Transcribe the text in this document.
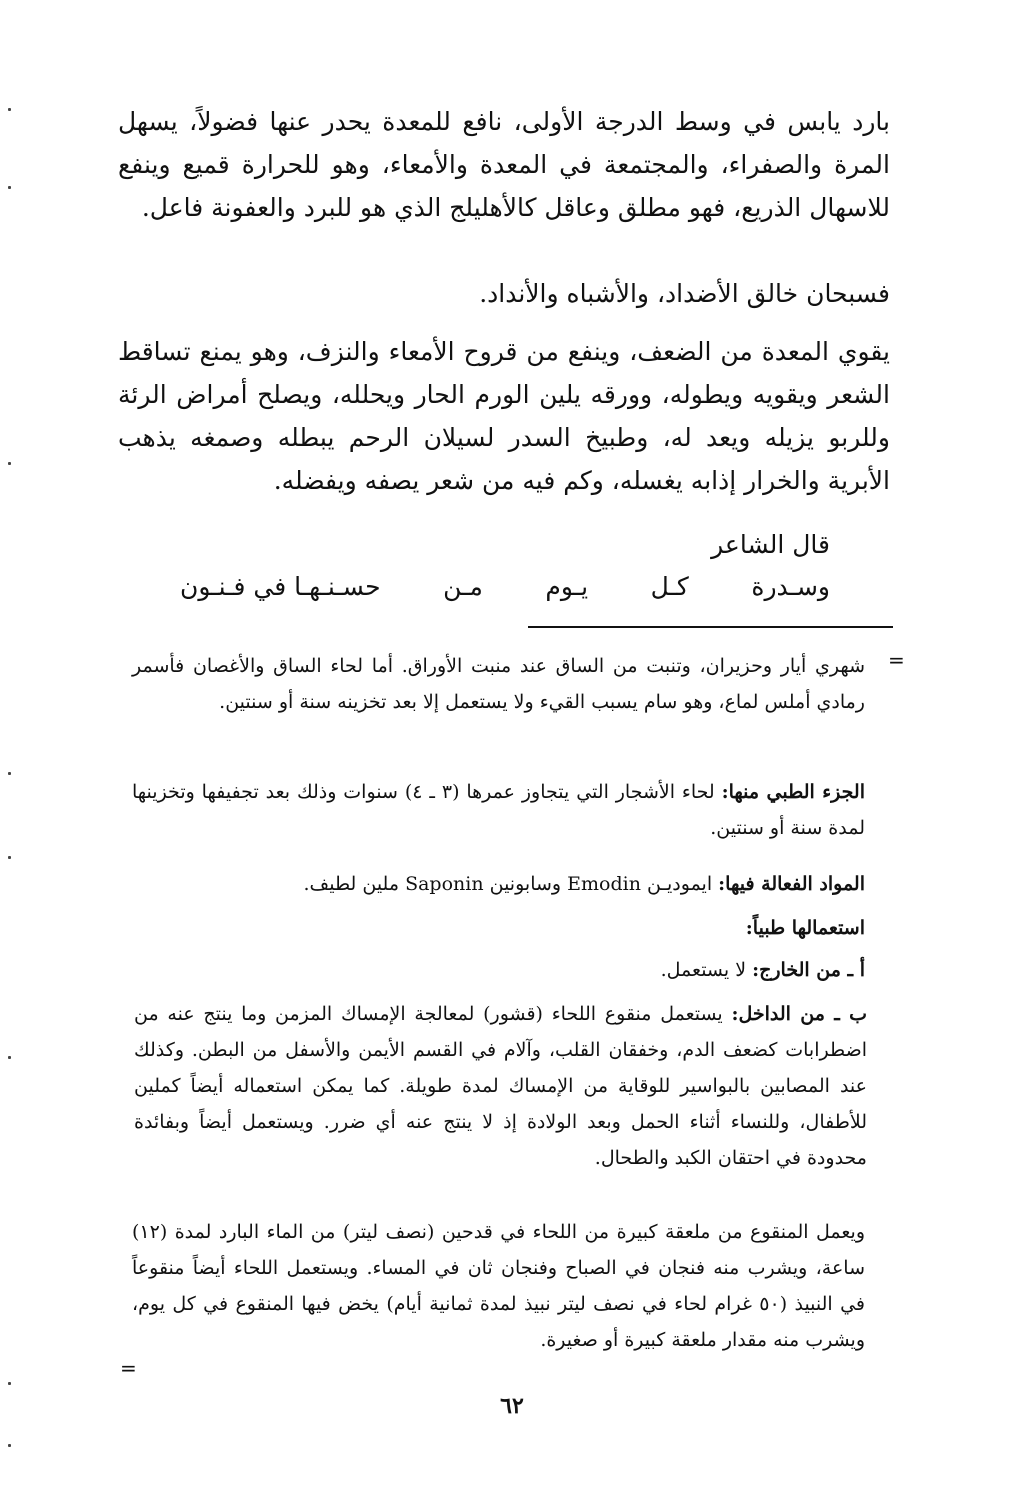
بارد يابس في وسط الدرجة الأولى، نافع للمعدة يحدر عنها فضولاً، يسهل المرة والصفراء، والمجتمعة في المعدة والأمعاء، وهو للحرارة قميع وينفع للاسهال الذريع، فهو مطلق وعاقل كالأهليلج الذي هو للبرد والعفونة فاعل.

فسبحان خالق الأضداد، والأشباه والأنداد.

يقوي المعدة من الضعف، وينفع من قروح الأمعاء والنزف، وهو يمنع تساقط الشعر ويقويه ويطوله، وورقه يلين الورم الحار ويحلله، ويصلح أمراض الرئة وللربو يزيله ويعد له، وطبيخ السدر لسيلان الرحم يبطله وصمغه يذهب الأبرية والخرار إذابه يغسله، وكم فيه من شعر يصفه ويفضله.

قال الشاعر

وسـدرة
كـل
يـوم
مـن
حسـنـهـا في فـنـون

=

شهري أيار وحزيران، وتنبت من الساق عند منبت الأوراق. أما لحاء الساق والأغصان فأسمر رمادي أملس لماع، وهو سام يسبب القيء ولا يستعمل إلا بعد تخزينه سنة أو سنتين.

الجزء الطبي منها: لحاء الأشجار التي يتجاوز عمرها (٣ ـ ٤) سنوات وذلك بعد تجفيفها وتخزينها لمدة سنة أو سنتين.

المواد الفعالة فيها: ايموديـن Emodin وسابونين Saponin ملين لطيف.

استعمالها طبياً:

أ ـ من الخارج: لا يستعمل.

ب ـ من الداخل: يستعمل منقوع اللحاء (قشور) لمعالجة الإمساك المزمن وما ينتج عنه من اضطرابات كضعف الدم، وخفقان القلب، وآلام في القسم الأيمن والأسفل من البطن. وكذلك عند المصابين بالبواسير للوقاية من الإمساك لمدة طويلة. كما يمكن استعماله أيضاً كملين للأطفال، وللنساء أثناء الحمل وبعد الولادة إذ لا ينتج عنه أي ضرر. ويستعمل أيضاً وبفائدة محدودة في احتقان الكبد والطحال.

ويعمل المنقوع من ملعقة كبيرة من اللحاء في قدحين (نصف ليتر) من الماء البارد لمدة (١٢) ساعة، ويشرب منه فنجان في الصباح وفنجان ثان في المساء. ويستعمل اللحاء أيضاً منقوعاً في النبيذ (٥٠ غرام لحاء في نصف ليتر نبيذ لمدة ثمانية أيام) يخض فيها المنقوع في كل يوم، ويشرب منه مقدار ملعقة كبيرة أو صغيرة.

=
٦٢
